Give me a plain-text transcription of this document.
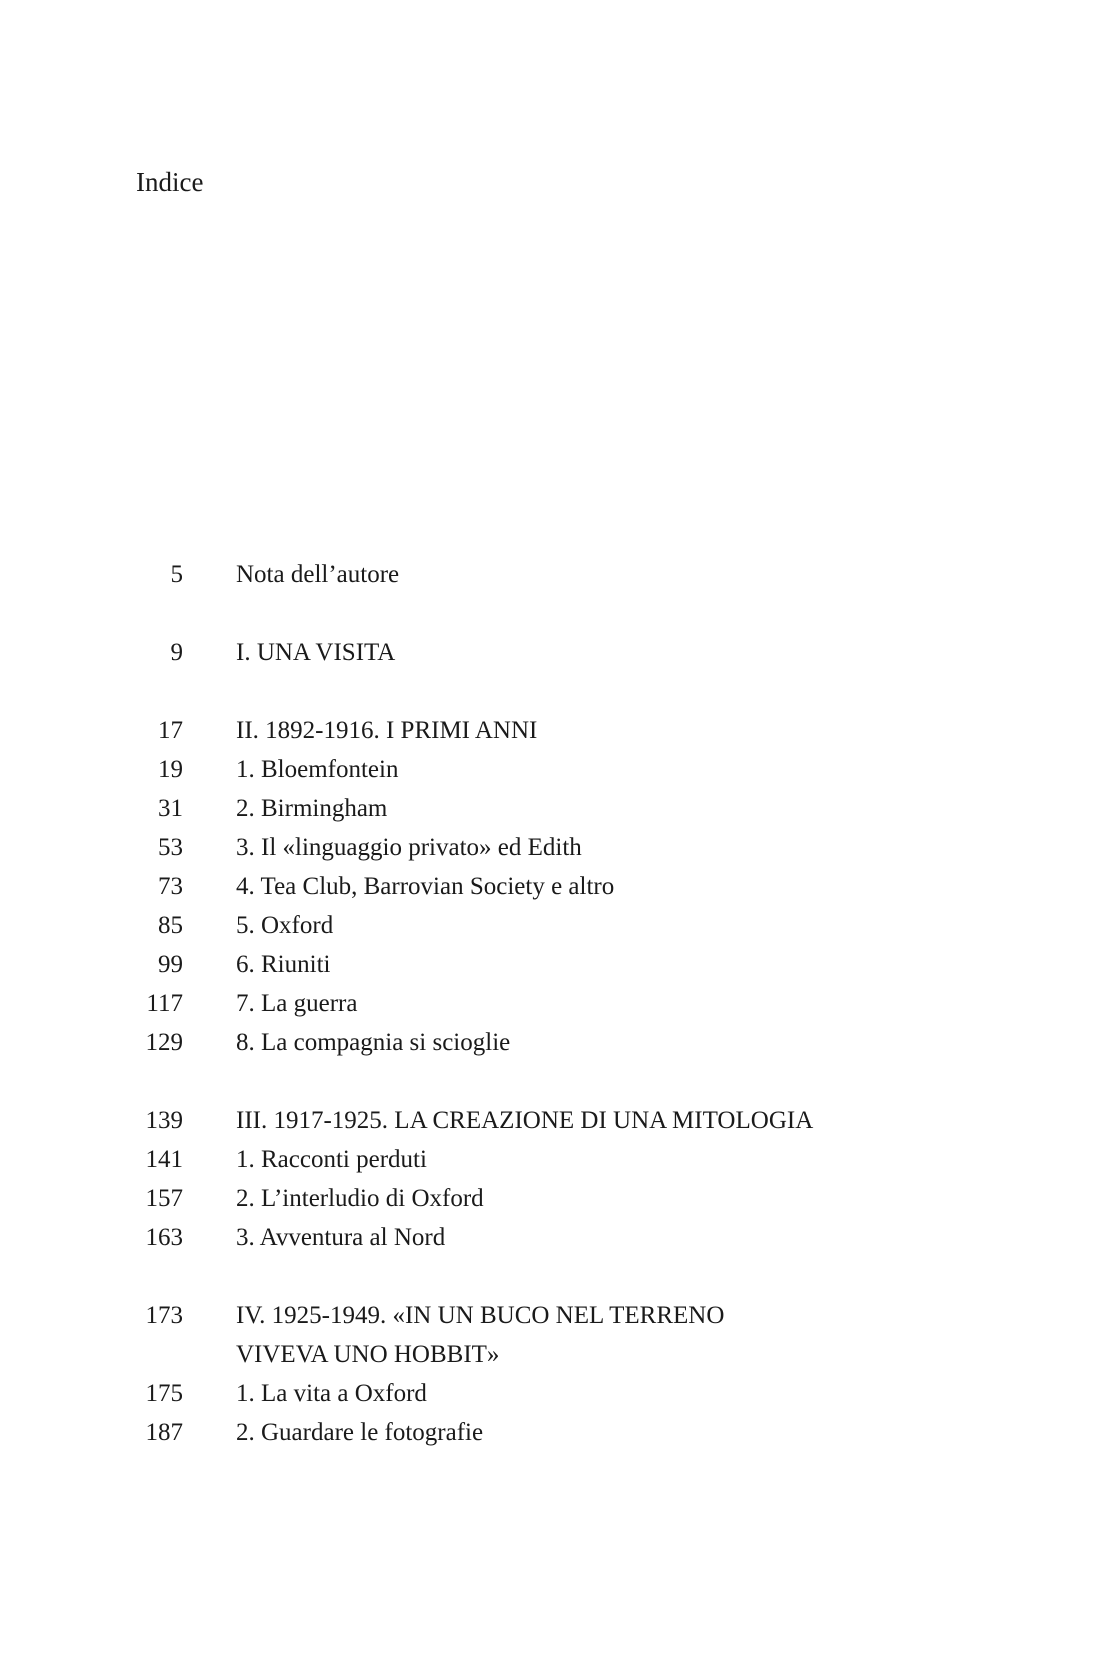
Indice
5 Nota dell’autore
9 I. UNA VISITA
17 II. 1892-1916. I PRIMI ANNI
19 1. Bloemfontein
31 2. Birmingham
53 3. Il «linguaggio privato» ed Edith
73 4. Tea Club, Barrovian Society e altro
85 5. Oxford
99 6. Riuniti
117 7. La guerra
129 8. La compagnia si scioglie
139 III. 1917-1925. LA CREAZIONE DI UNA MITOLOGIA
141 1. Racconti perduti
157 2. L’interludio di Oxford
163 3. Avventura al Nord
173 IV. 1925-1949. «IN UN BUCO NEL TERRENO
VIVEVA UNO HOBBIT»
175 1. La vita a Oxford
187 2. Guardare le fotografie
